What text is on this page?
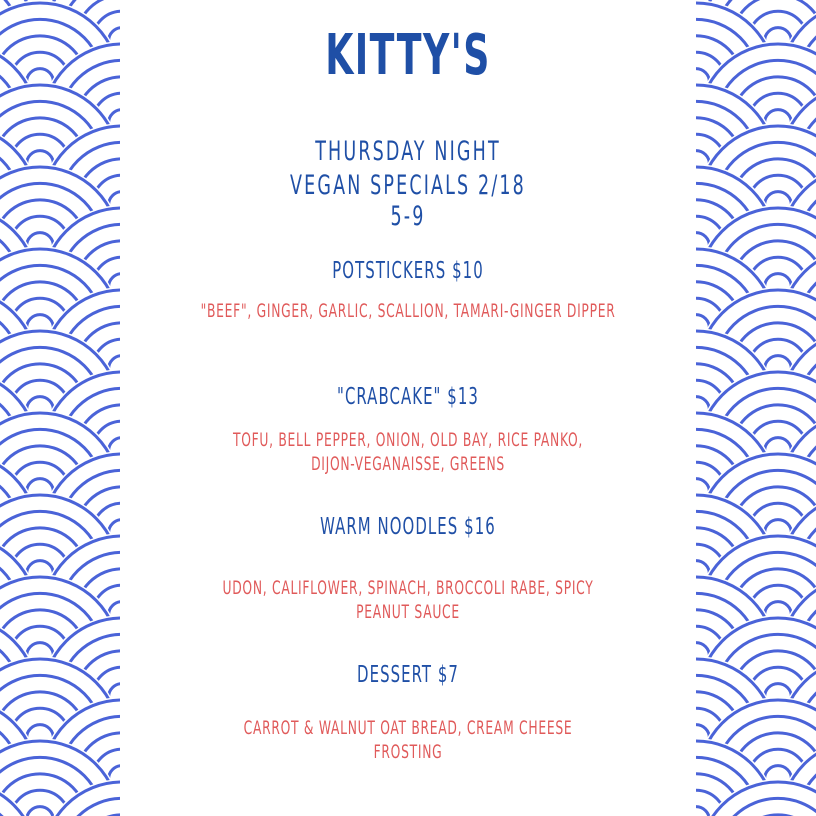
KITTY'S
THURSDAY NIGHT
VEGAN SPECIALS 2/18
5-9
POTSTICKERS $10
"BEEF", GINGER, GARLIC, SCALLION, TAMARI-GINGER DIPPER
"CRABCAKE" $13
TOFU, BELL PEPPER, ONION, OLD BAY, RICE PANKO,
DIJON-VEGANAISSE, GREENS
WARM NOODLES $16
UDON, CALIFLOWER, SPINACH, BROCCOLI RABE, SPICY
PEANUT SAUCE
DESSERT $7
CARROT & WALNUT OAT BREAD, CREAM CHEESE
FROSTING
